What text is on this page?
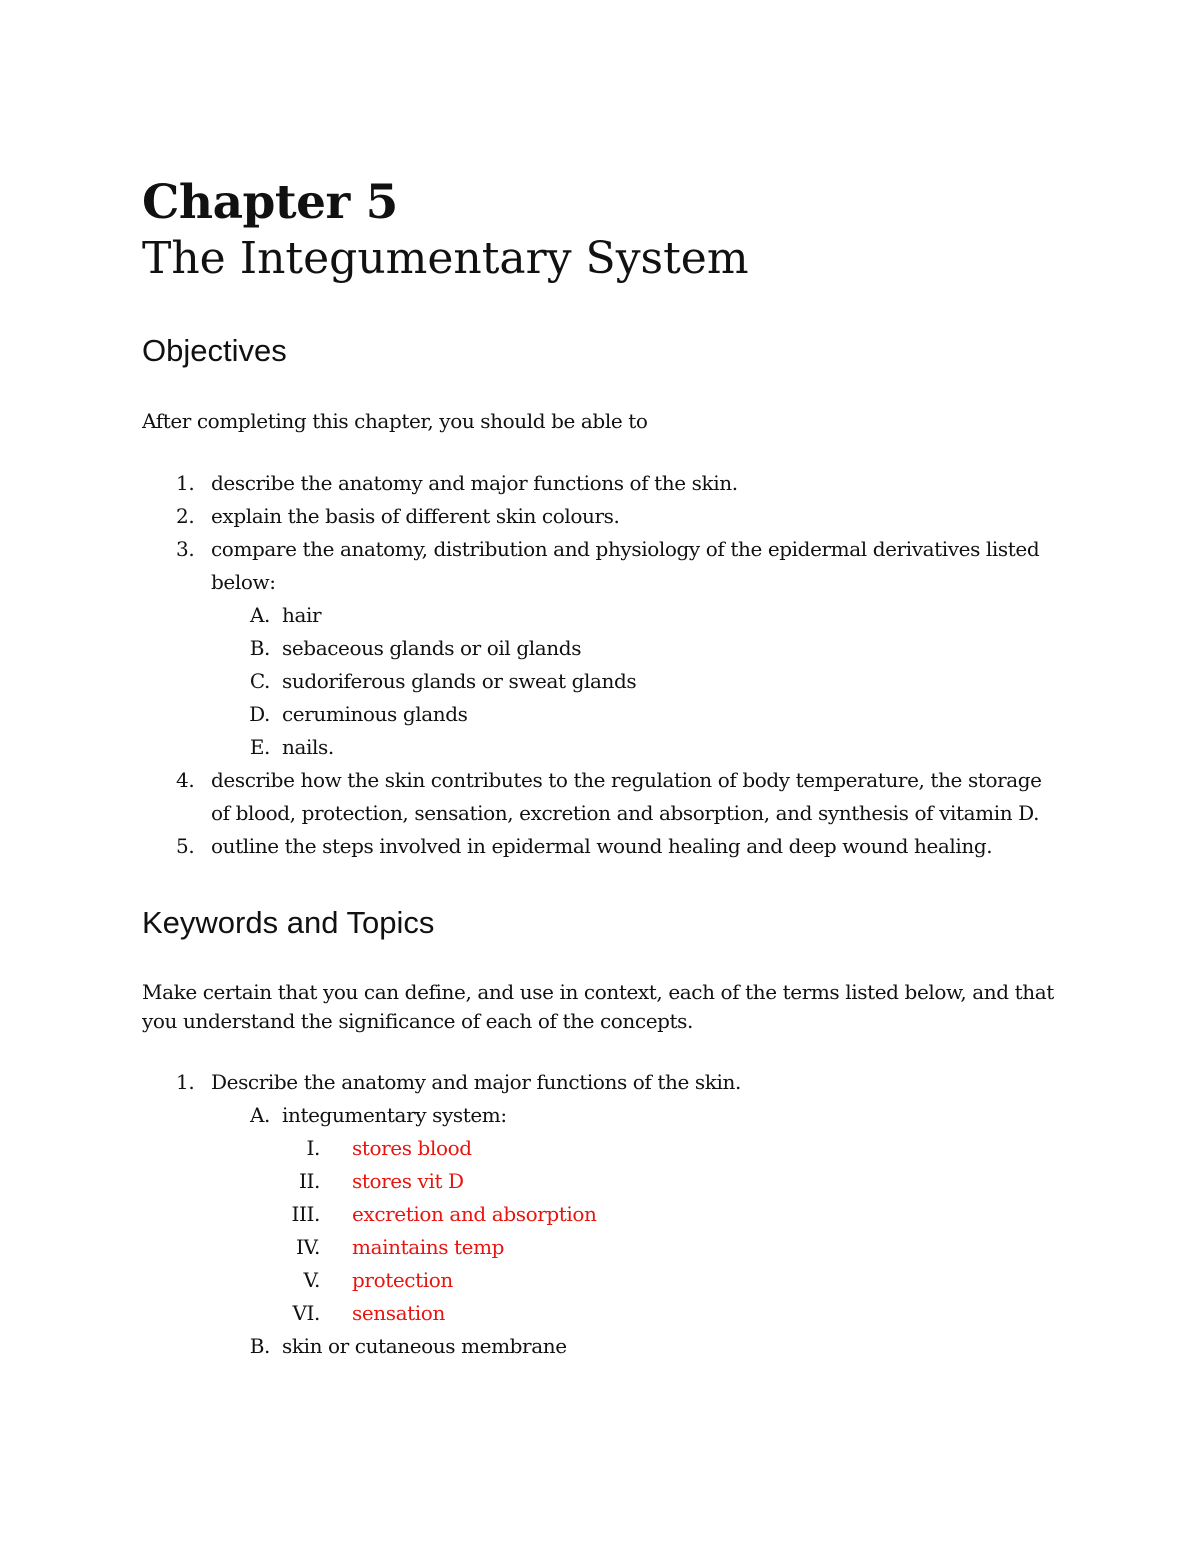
Chapter 5
The Integumentary System
Objectives

After completing this chapter, you should be able to

1. describe the anatomy and major functions of the skin.
2. explain the basis of different skin colours.
3. compare the anatomy, distribution and physiology of the epidermal derivatives listed below:
A. hair
B. sebaceous glands or oil glands
C. sudoriferous glands or sweat glands
D. ceruminous glands
E. nails.
4. describe how the skin contributes to the regulation of body temperature, the storage of blood, protection, sensation, excretion and absorption, and synthesis of vitamin D.
5. outline the steps involved in epidermal wound healing and deep wound healing.
Keywords and Topics

Make certain that you can define, and use in context, each of the terms listed below, and that you understand the significance of each of the concepts.

1. Describe the anatomy and major functions of the skin.
A. integumentary system:
I. stores blood
II. stores vit D
III. excretion and absorption
IV. maintains temp
V. protection
VI. sensation
B. skin or cutaneous membrane
